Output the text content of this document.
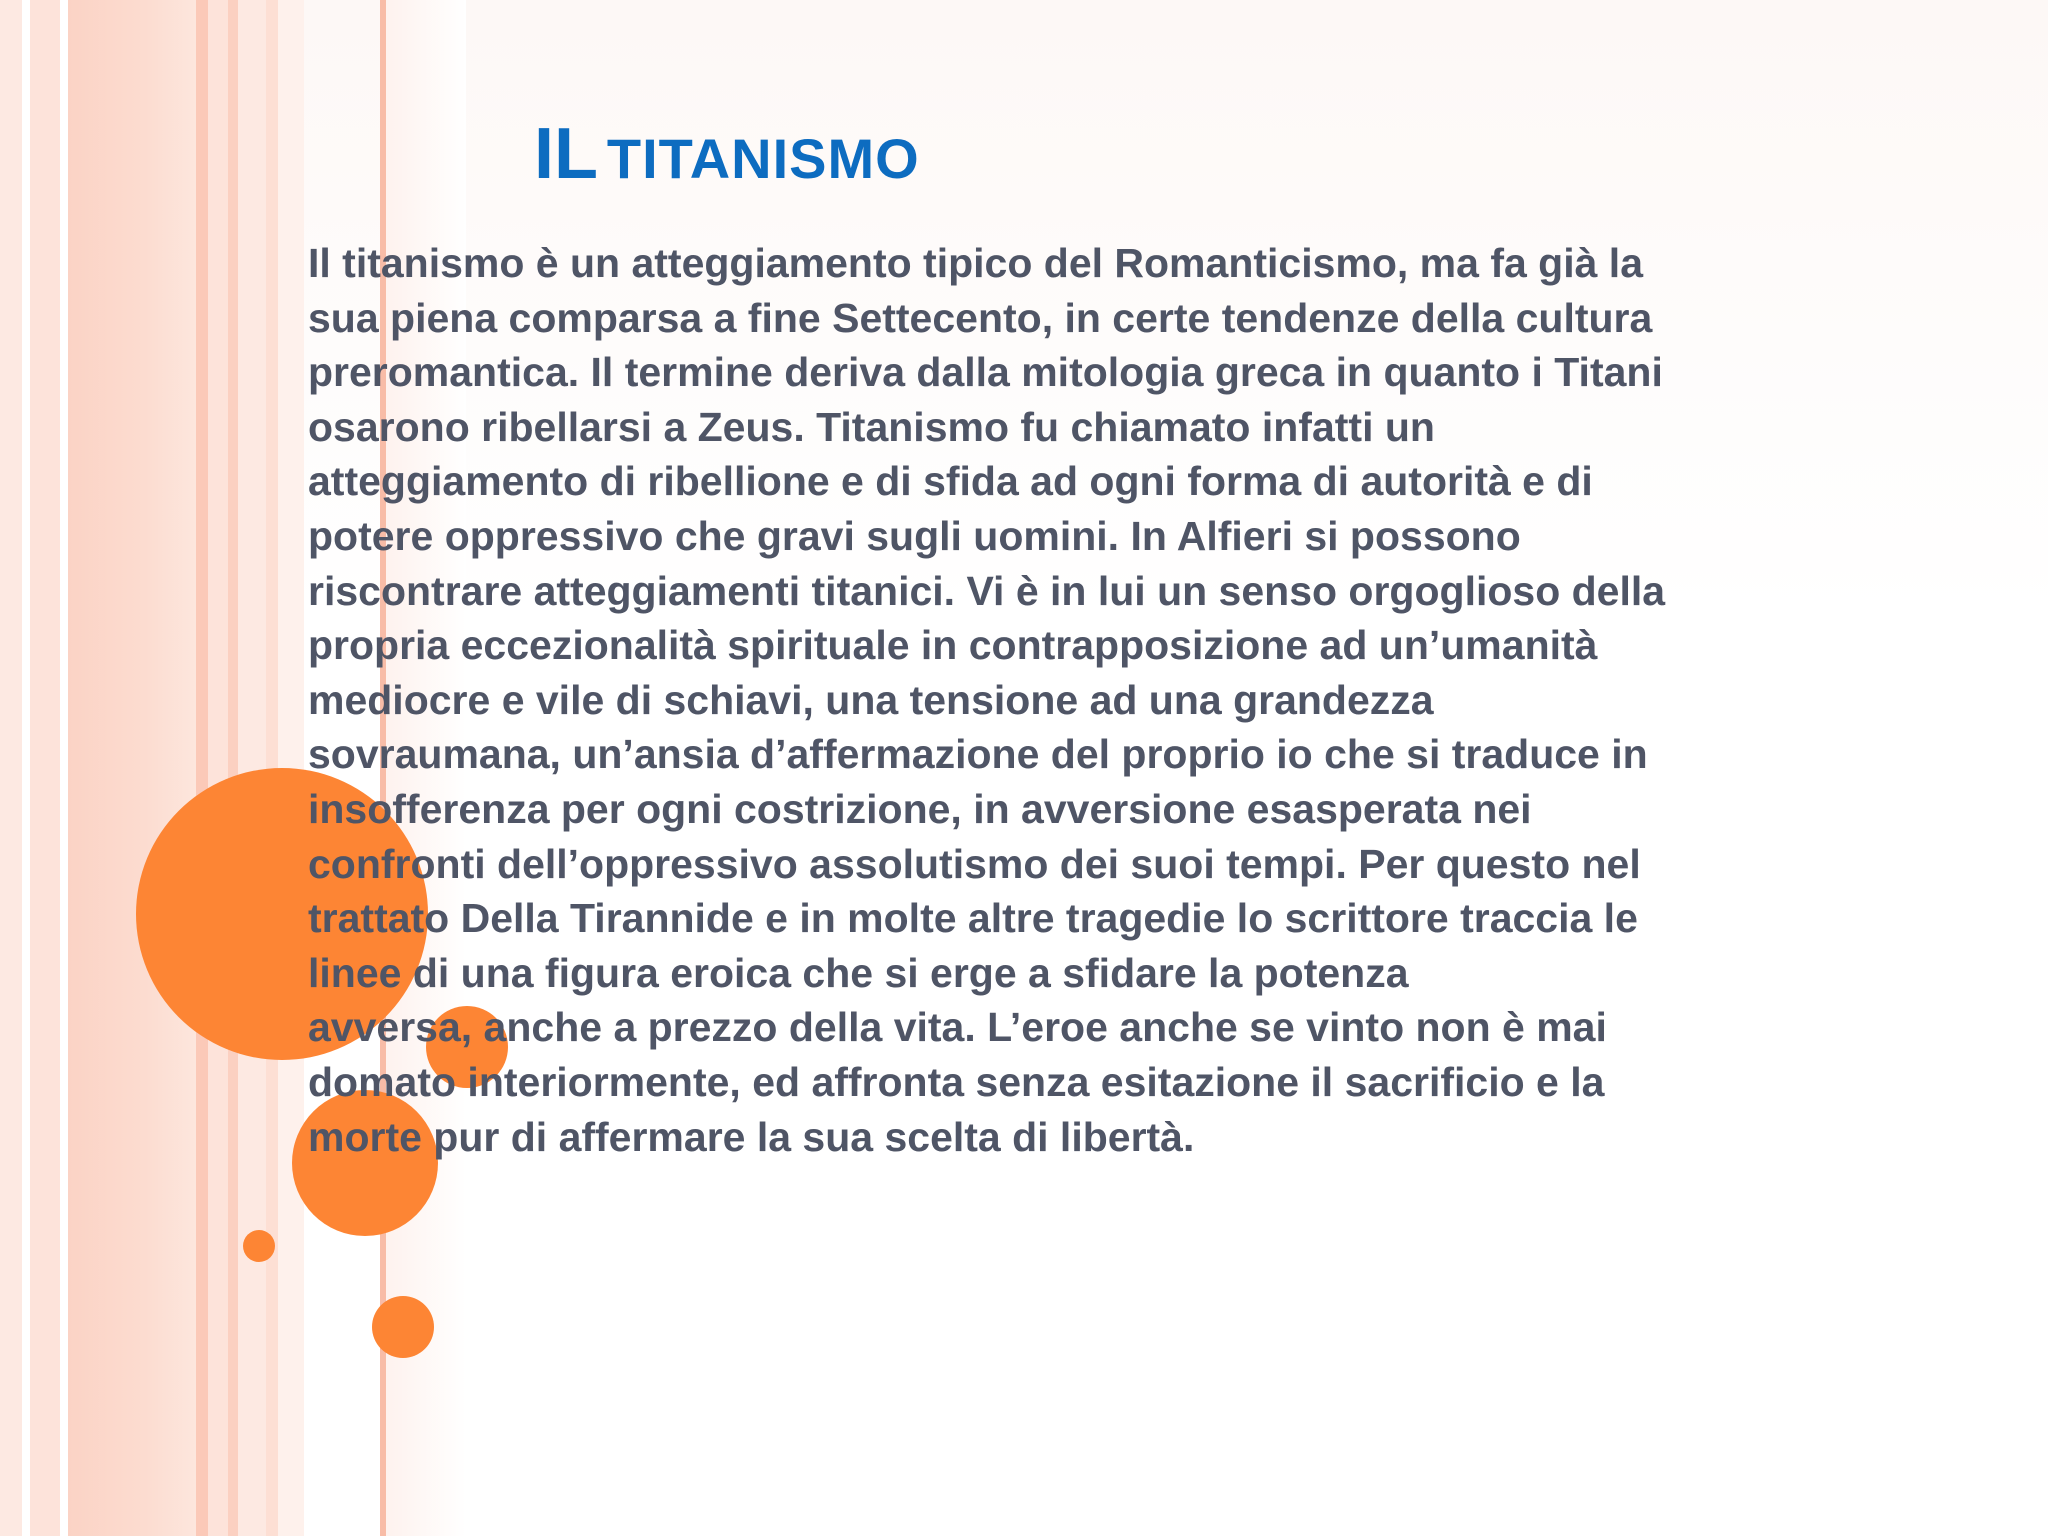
IL TITANISMO
Il titanismo è un atteggiamento tipico del Romanticismo, ma fa già la
sua piena comparsa a fine Settecento, in certe tendenze della cultura
preromantica. Il termine deriva dalla mitologia greca in quanto i Titani
osarono ribellarsi a Zeus. Titanismo fu chiamato infatti un
atteggiamento di ribellione e di sfida ad ogni forma di autorità e di
potere oppressivo che gravi sugli uomini. In Alfieri si possono
riscontrare atteggiamenti titanici. Vi è in lui un senso orgoglioso della
propria eccezionalità spirituale in contrapposizione ad un’umanità
mediocre e vile di schiavi, una tensione ad una grandezza
sovraumana, un’ansia d’affermazione del proprio io che si traduce in
insofferenza per ogni costrizione, in avversione esasperata nei
confronti dell’oppressivo assolutismo dei suoi tempi. Per questo nel
trattato Della Tirannide e in molte altre tragedie lo scrittore traccia le
linee di una figura eroica che si erge a sfidare la potenza
avversa, anche a prezzo della vita. L’eroe anche se vinto non è mai
domato interiormente, ed affronta senza esitazione il sacrificio e la
morte pur di affermare la sua scelta di libertà.
